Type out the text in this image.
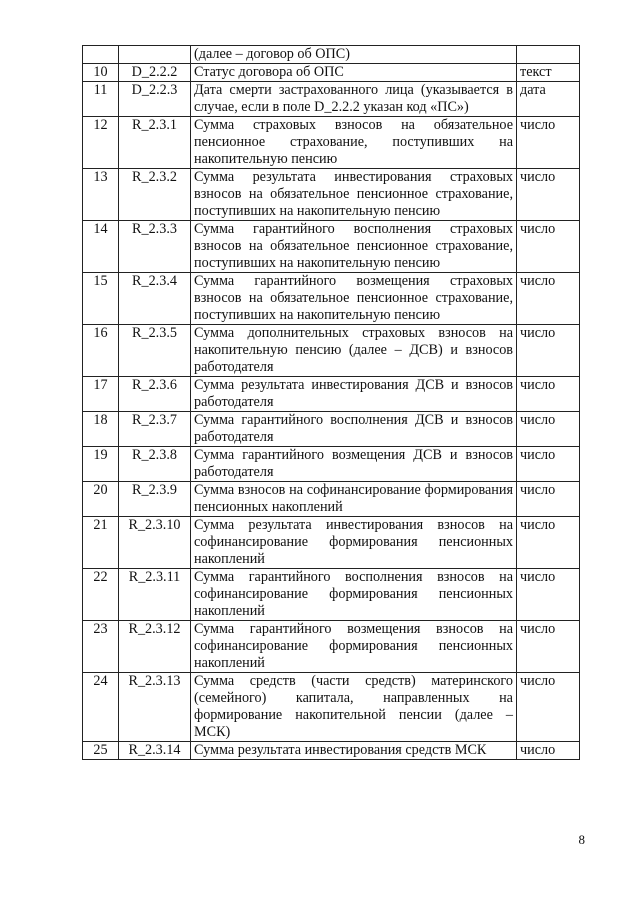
		(далее – договор об ОПС)	
10	D_2.2.2	Статус договора об ОПС	текст
11	D_2.2.3	Дата смерти застрахованного лица (указывается в случае, если в поле D_2.2.2 указан код «ПС»)	дата
12	R_2.3.1	Сумма страховых взносов на обязательное пенсионное страхование, поступивших на накопительную пенсию	число
13	R_2.3.2	Сумма результата инвестирования страховых взносов на обязательное пенсионное страхование, поступивших на накопительную пенсию	число
14	R_2.3.3	Сумма гарантийного восполнения страховых взносов на обязательное пенсионное страхование, поступивших на накопительную пенсию	число
15	R_2.3.4	Сумма гарантийного возмещения страховых взносов на обязательное пенсионное страхование, поступивших на накопительную пенсию	число
16	R_2.3.5	Сумма дополнительных страховых взносов на накопительную пенсию (далее – ДСВ) и взносов работодателя	число
17	R_2.3.6	Сумма результата инвестирования ДСВ и взносов работодателя	число
18	R_2.3.7	Сумма гарантийного восполнения ДСВ и взносов работодателя	число
19	R_2.3.8	Сумма гарантийного возмещения ДСВ и взносов работодателя	число
20	R_2.3.9	Сумма взносов на софинансирование формирования пенсионных накоплений	число
21	R_2.3.10	Сумма результата инвестирования взносов на софинансирование формирования пенсионных накоплений	число
22	R_2.3.11	Сумма гарантийного восполнения взносов на софинансирование формирования пенсионных накоплений	число
23	R_2.3.12	Сумма гарантийного возмещения взносов на софинансирование формирования пенсионных накоплений	число
24	R_2.3.13	Сумма средств (части средств) материнского (семейного) капитала, направленных на формирование накопительной пенсии (далее – МСК)	число
25	R_2.3.14	Сумма результата инвестирования средств МСК	число
8
